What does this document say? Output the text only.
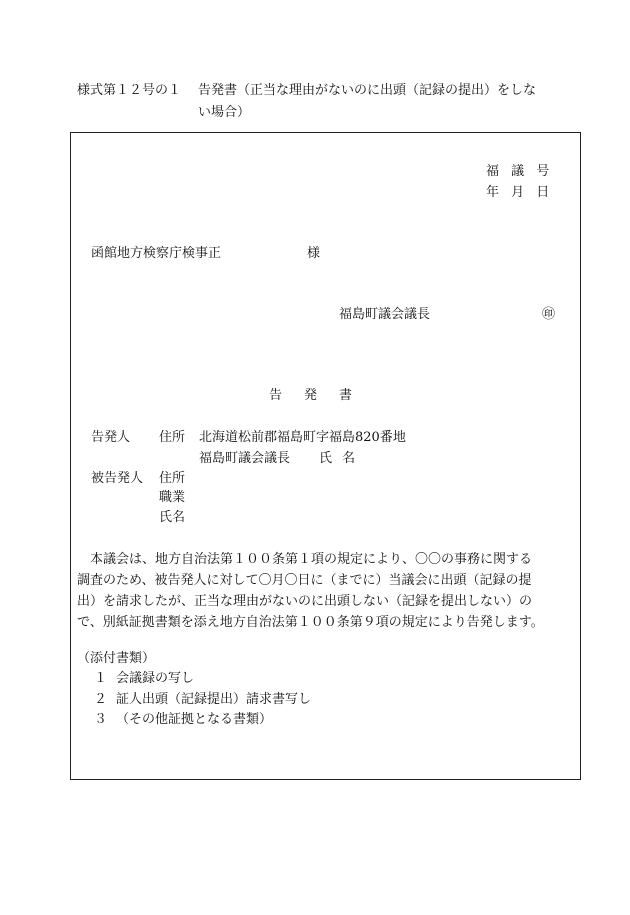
様式第１２号の１ 告発書（正当な理由がないのに出頭（記録の提出）をしな
い場合）
福 議 号
年 月 日
函館地方検察庁検事正	様
福島町議会議長	㊞
告発書
告発人 住所 北海道松前郡福島町字福島820番地
福島町議会議長 氏名
被告発人 住所
職業
氏名
　本議会は、地方自治法第１００条第１項の規定により、〇〇の事務に関する
調査のため、被告発人に対して〇月〇日に（までに）当議会に出頭（記録の提
出）を請求したが、正当な理由がないのに出頭しない（記録を提出しない）の
で、別紙証拠書類を添え地方自治法第１００条第９項の規定により告発します。
（添付書類）
１ 会議録の写し
２ 証人出頭（記録提出）請求書写し
３ （その他証拠となる書類）
